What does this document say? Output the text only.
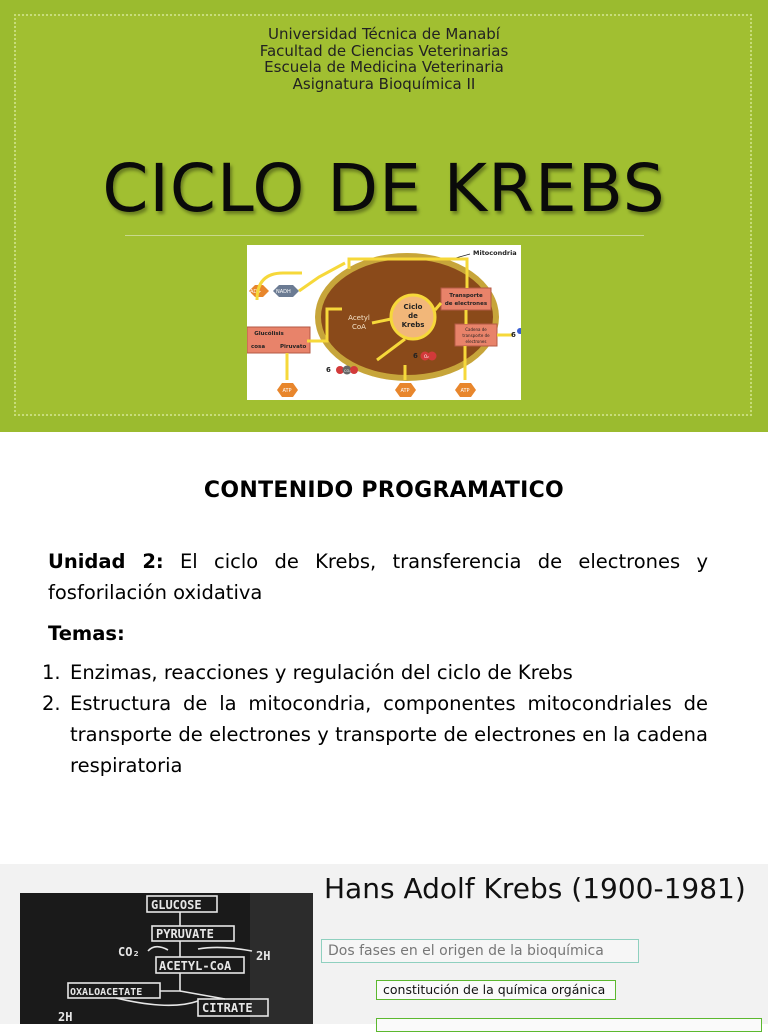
Universidad Técnica de Manabí
Facultad de Ciencias Veterinarias
Escuela de Medicina Veterinaria
Asignatura Bioquímica II
CICLO DE KREBS
Ciclo
de
Krebs
Acetyl
CoA
Transporte
de electrones
Cadena de
transporte de
electrones
Mitocondria
Glucólisis
cosa	Piruvato
AD+	NADH
ATP	ATP	ATP
6	CO₂
6 O₂
6
CONTENIDO PROGRAMATICO
Unidad 2: El ciclo de Krebs, transferencia de electrones y fosforilación oxidativa
Temas:
1. Enzimas, reacciones y regulación del ciclo de Krebs
2. Estructura de la mitocondria, componentes mitocondriales de transporte de electrones y transporte de electrones en la cadena respiratoria
GLUCOSE
PYRUVATE
CO₂	2H
ACETYL-CoA
OXALOACETATE
CITRATE
2H
Hans Adolf Krebs (1900-1981)
Dos fases en el origen de la bioquímica
constitución de la química orgánica
